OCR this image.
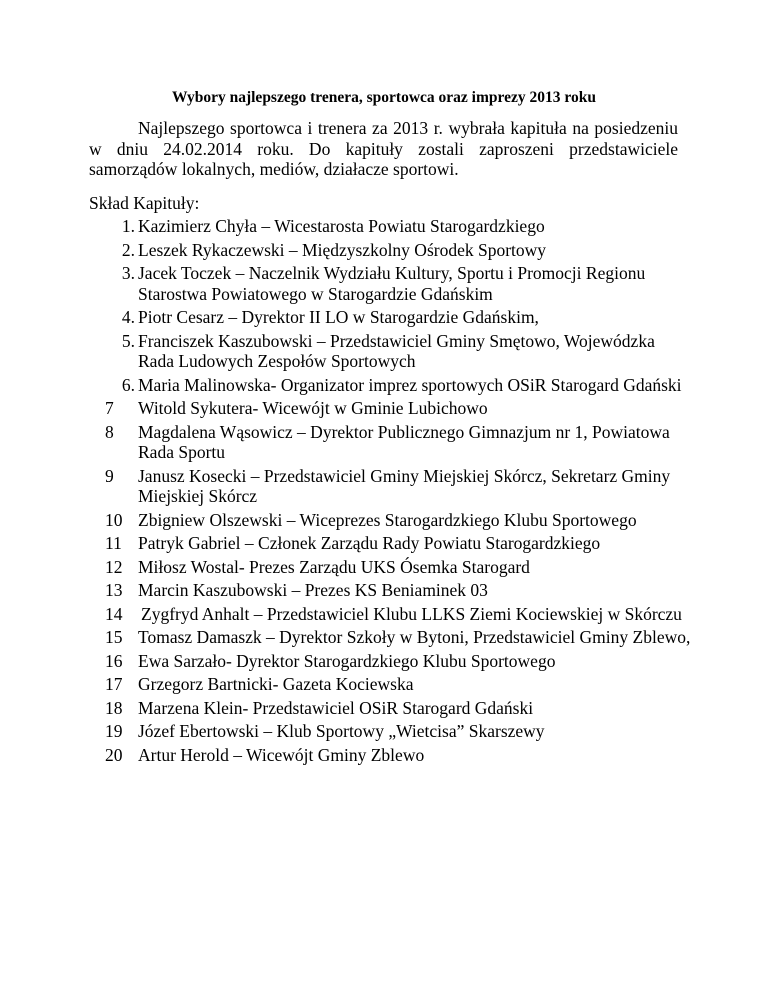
Wybory najlepszego trenera, sportowca oraz imprezy 2013 roku
Najlepszego sportowca i trenera za 2013 r. wybrała kapituła na posiedzeniu w dniu 24.02.2014 roku. Do kapituły zostali zaproszeni przedstawiciele samorządów lokalnych, mediów, działacze sportowi.
Skład Kapituły:
1. Kazimierz Chyła – Wicestarosta Powiatu Starogardzkiego
2. Leszek Rykaczewski – Międzyszkolny Ośrodek Sportowy
3. Jacek Toczek – Naczelnik Wydziału Kultury, Sportu i Promocji Regionu Starostwa Powiatowego w Starogardzie Gdańskim
4. Piotr Cesarz – Dyrektor II LO w Starogardzie Gdańskim,
5. Franciszek Kaszubowski – Przedstawiciel Gminy Smętowo, Wojewódzka Rada Ludowych Zespołów Sportowych
6. Maria Malinowska- Organizator imprez sportowych OSiR Starogard Gdański
7 Witold Sykutera- Wicewójt w Gminie Lubichowo
8 Magdalena Wąsowicz – Dyrektor Publicznego Gimnazjum nr 1, Powiatowa Rada Sportu
9 Janusz Kosecki – Przedstawiciel Gminy Miejskiej Skórcz, Sekretarz Gminy Miejskiej Skórcz
10 Zbigniew Olszewski – Wiceprezes Starogardzkiego Klubu Sportowego
11 Patryk Gabriel – Członek Zarządu Rady Powiatu Starogardzkiego
12 Miłosz Wostal- Prezes Zarządu UKS Ósemka Starogard
13 Marcin Kaszubowski – Prezes KS Beniaminek 03
14 Zygfryd Anhalt – Przedstawiciel Klubu LLKS Ziemi Kociewskiej w Skórczu
15 Tomasz Damaszk – Dyrektor Szkoły w Bytoni, Przedstawiciel Gminy Zblewo,
16 Ewa Sarzało- Dyrektor Starogardzkiego Klubu Sportowego
17 Grzegorz Bartnicki- Gazeta Kociewska
18 Marzena Klein- Przedstawiciel OSiR Starogard Gdański
19 Józef Ebertowski – Klub Sportowy „Wietcisa” Skarszewy
20 Artur Herold – Wicewójt Gminy Zblewo
